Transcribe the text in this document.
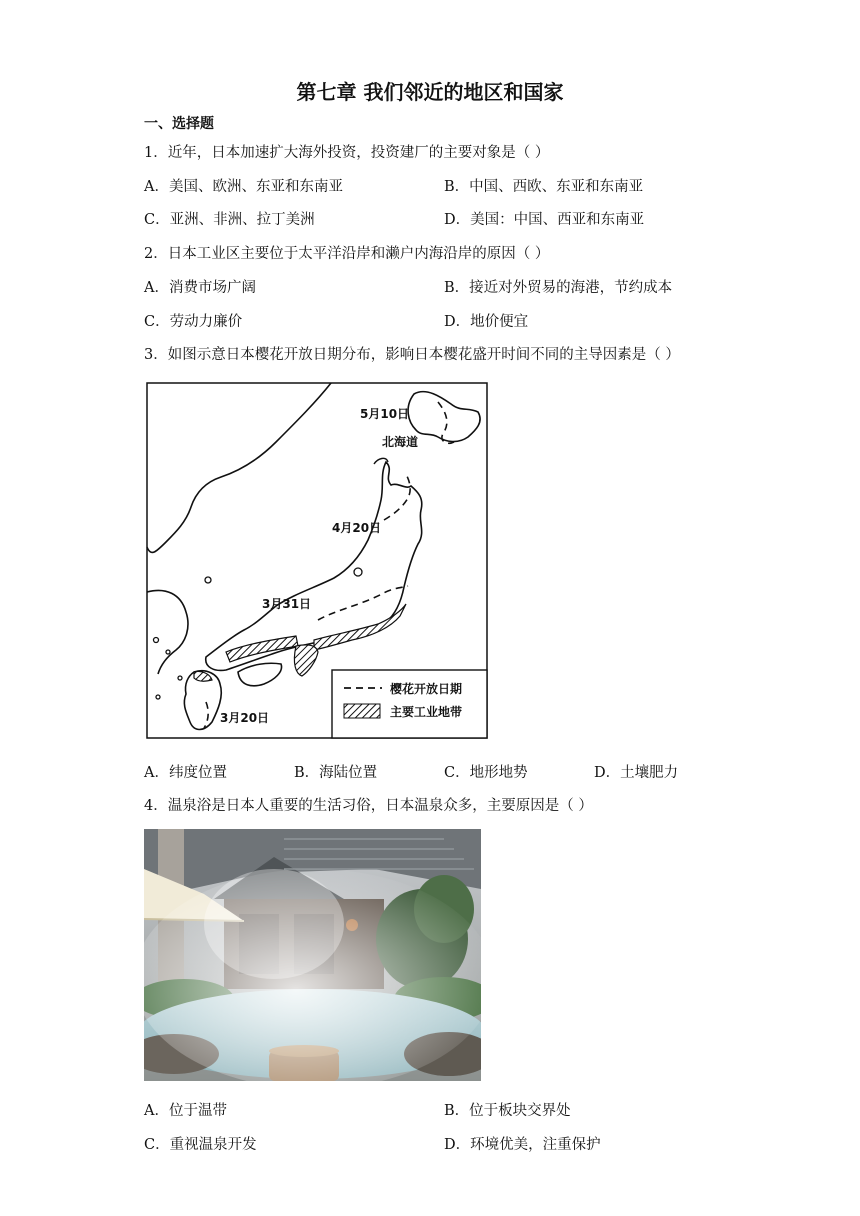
第七章 我们邻近的地区和国家
一、选择题
1．近年，日本加速扩大海外投资，投资建厂的主要对象是（ ）
A．美国、欧洲、东亚和东南亚	B．中国、西欧、东亚和东南亚
C．亚洲、非洲、拉丁美洲	D．美国：中国、西亚和东南亚
2．日本工业区主要位于太平洋沿岸和濑户内海沿岸的原因（ ）
A．消费市场广阔	B．接近对外贸易的海港，节约成本
C．劳动力廉价	D．地价便宜
3．如图示意日本樱花开放日期分布，影响日本樱花盛开时间不同的主导因素是（ ）
5月10日
北海道
4月20日
3月31日
3月20日
樱花开放日期
主要工业地带
A．纬度位置	B．海陆位置	C．地形地势	D．土壤肥力
4．温泉浴是日本人重要的生活习俗，日本温泉众多，主要原因是（ ）
A．位于温带	B．位于板块交界处
C．重视温泉开发	D．环境优美，注重保护
